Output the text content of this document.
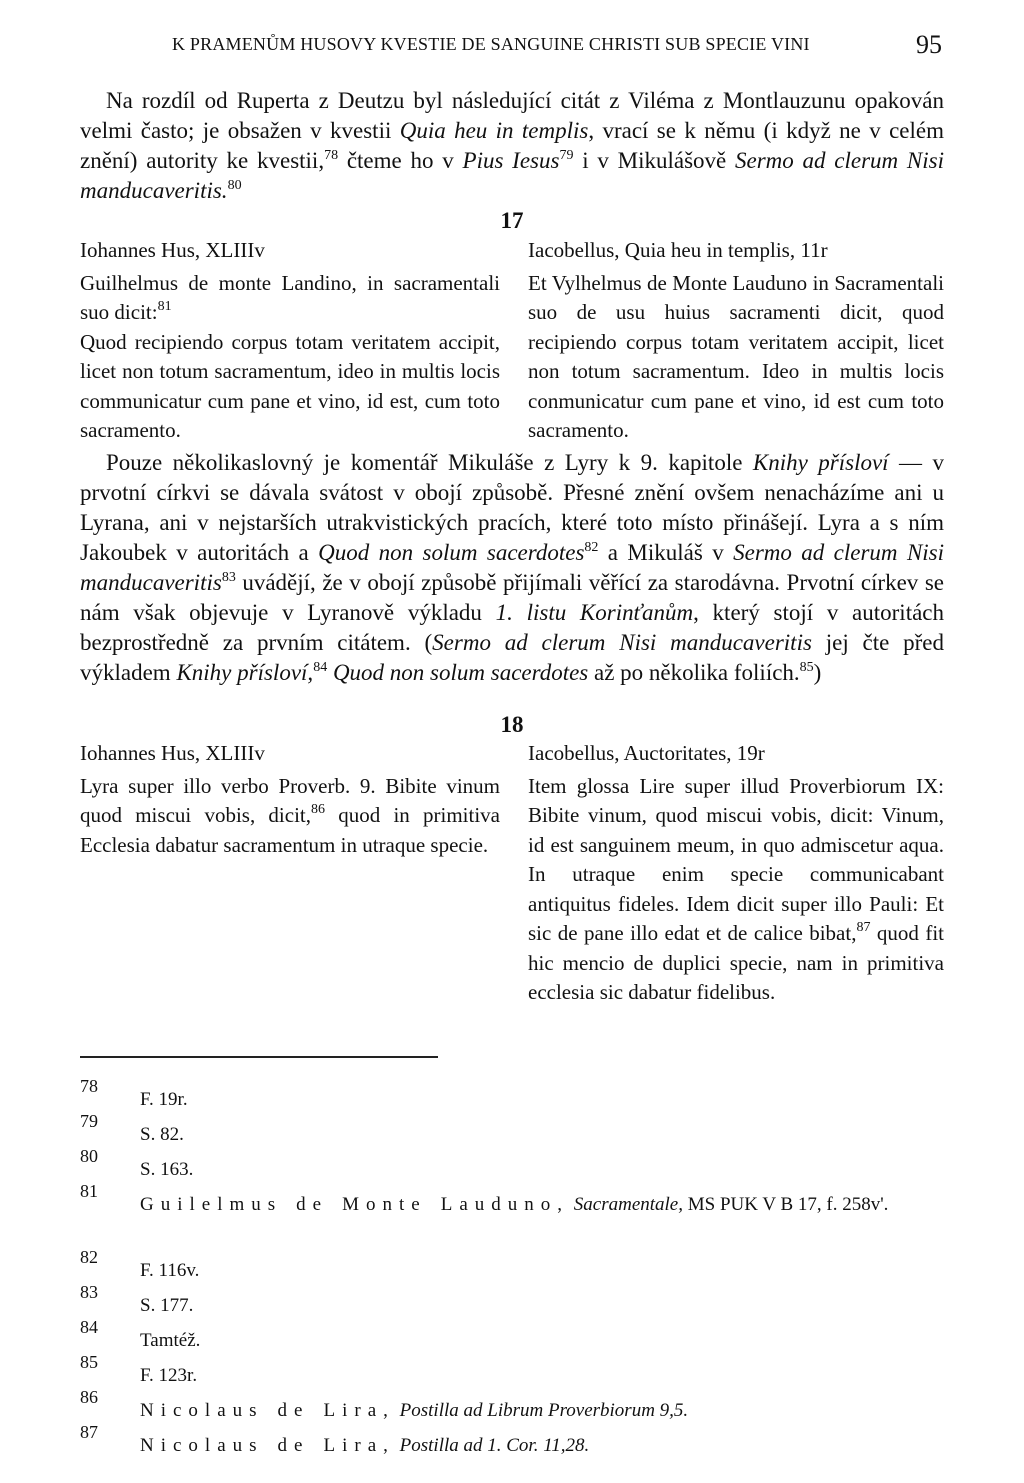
K PRAMENŮM HUSOVY KVESTIE DE SANGUINE CHRISTI SUB SPECIE VINI	95

Na rozdíl od Ruperta z Deutzu byl následující citát z Viléma z Montlauzunu opakován velmi často; je obsažen v kvestii Quia heu in templis, vrací se k němu (i když ne v celém znění) autority ke kvestii,$^{78}$ čteme ho v Pius Iesus$^{79}$ i v Mikulášově Sermo ad clerum Nisi manducaveritis.$^{80}$

17

Iohannes Hus, XLIIIv

Guilhelmus de monte Landino, in sacramentali suo dicit:$^{81}$

Quod recipiendo corpus totam veritatem accipit, licet non totum sacramentum, ideo in multis locis communicatur cum pane et vino, id est, cum toto sacramento.

Iacobellus, Quia heu in templis, 11r

Et Vylhelmus de Monte Lauduno in Sacramentali suo de usu huius sacramenti dicit, quod recipiendo corpus totam veritatem accipit, licet non totum sacramentum. Ideo in multis locis conmunicatur cum pane et vino, id est cum toto sacramento.

Pouze několikaslovný je komentář Mikuláše z Lyry k 9. kapitole Knihy přísloví — v prvotní církvi se dávala svátost v obojí způsobě. Přesné znění ovšem nenacházíme ani u Lyrana, ani v nejstarších utrakvistických pracích, které toto místo přinášejí. Lyra a s ním Jakoubek v autoritách a Quod non solum sacerdotes$^{82}$ a Mikuláš v Sermo ad clerum Nisi manducaveritis$^{83}$ uvádějí, že v obojí způsobě přijímali věřící za starodávna. Prvotní církev se nám však objevuje v Lyranově výkladu 1. listu Korinťanům, který stojí v autoritách bezprostředně za prvním citátem. (Sermo ad clerum Nisi manducaveritis jej čte před výkladem Knihy přísloví,$^{84}$ Quod non solum sacerdotes až po několika foliích.$^{85}$)

18

Iohannes Hus, XLIIIv

Lyra super illo verbo Proverb. 9. Bibite vinum quod miscui vobis, dicit,$^{86}$ quod in primitiva Ecclesia dabatur sacramentum in utraque specie.

Iacobellus, Auctoritates, 19r

Item glossa Lire super illud Proverbiorum IX: Bibite vinum, quod miscui vobis, dicit: Vinum, id est sanguinem meum, in quo admiscetur aqua. In utraque enim specie communicabant antiquitus fideles. Idem dicit super illo Pauli: Et sic de pane illo edat et de calice bibat,$^{87}$ quod fit hic mencio de duplici specie, nam in primitiva ecclesia sic dabatur fidelibus.

78
F. 19r.
79
S. 82.
80
S. 163.
81
Guilelmus de Monte Lauduno, Sacramentale, MS PUK V B 17, f. 258v'.
82
F. 116v.
83
S. 177.
84
Tamtéž.
85
F. 123r.
86
Nicolaus de Lira, Postilla ad Librum Proverbiorum 9,5.
87
Nicolaus de Lira, Postilla ad 1. Cor. 11,28.
